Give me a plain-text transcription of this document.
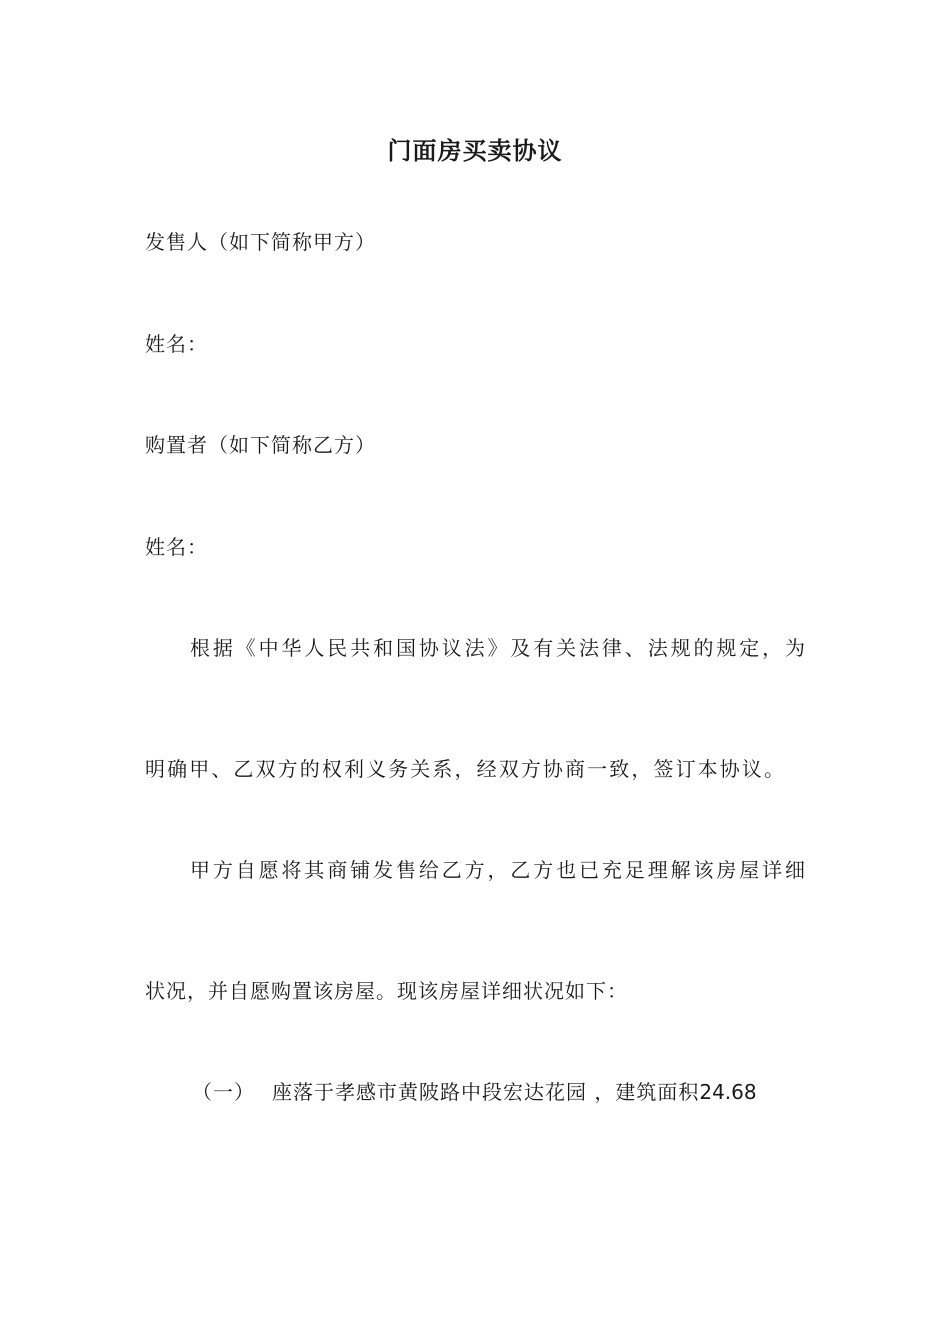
门面房买卖协议
发售人（如下简称甲方）
姓名：
购置者（如下简称乙方）
姓名：
根据《中华人民共和国协议法》及有关法律、法规的规定，为
明确甲、乙双方的权利义务关系，经双方协商一致，签订本协议。
甲方自愿将其商铺发售给乙方，乙方也已充足理解该房屋详细
状况，并自愿购置该房屋。现该房屋详细状况如下：
（一） 座落于孝感市黄陂路中段宏达花园 ，建筑面积24.68
